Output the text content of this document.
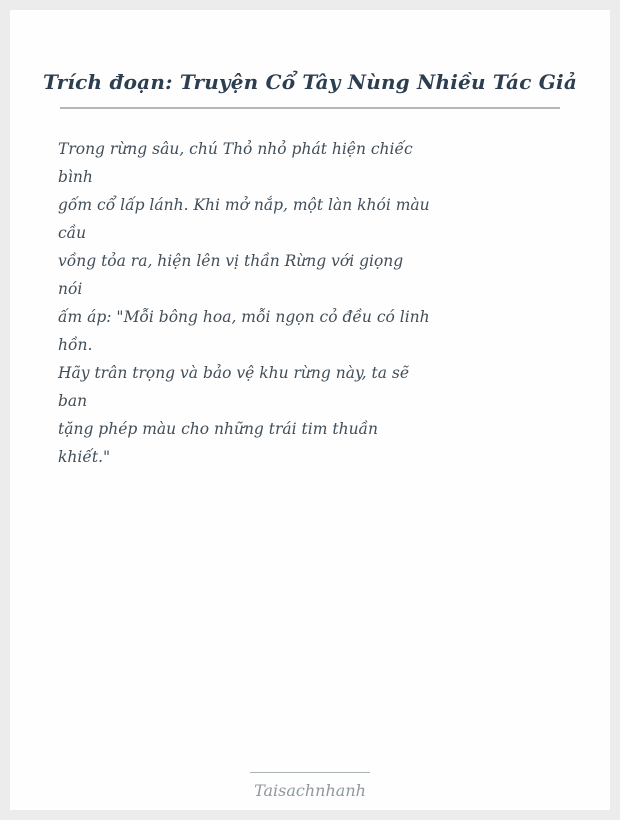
Trích đoạn: Truyện Cổ Tây Nùng Nhiều Tác Giả
Trong rừng sâu, chú Thỏ nhỏ phát hiện chiếc
bình
gốm cổ lấp lánh. Khi mở nắp, một làn khói màu
cầu
vồng tỏa ra, hiện lên vị thần Rừng với giọng
nói
ấm áp: "Mỗi bông hoa, mỗi ngọn cỏ đều có linh
hồn.
Hãy trân trọng và bảo vệ khu rừng này, ta sẽ
ban
tặng phép màu cho những trái tim thuần
khiết."
Taisachnhanh
